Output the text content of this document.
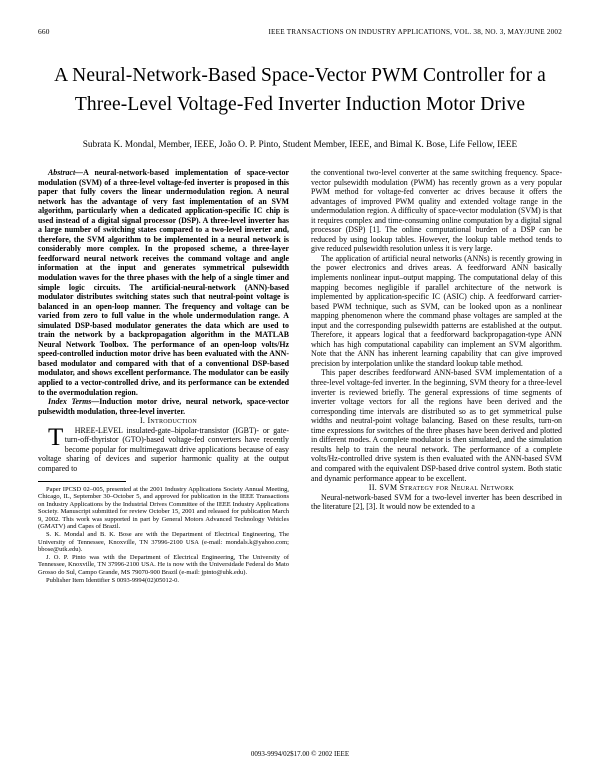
660	IEEE TRANSACTIONS ON INDUSTRY APPLICATIONS, VOL. 38, NO. 3, MAY/JUNE 2002
A Neural-Network-Based Space-Vector PWM Controller for a Three-Level Voltage-Fed Inverter Induction Motor Drive
Subrata K. Mondal, Member, IEEE, João O. P. Pinto, Student Member, IEEE, and Bimal K. Bose, Life Fellow, IEEE

Abstract—A neural-network-based implementation of space-vector modulation (SVM) of a three-level voltage-fed inverter is proposed in this paper that fully covers the linear undermodulation region. A neural network has the advantage of very fast implementation of an SVM algorithm, particularly when a dedicated application-specific IC chip is used instead of a digital signal processor (DSP). A three-level inverter has a large number of switching states compared to a two-level inverter and, therefore, the SVM algorithm to be implemented in a neural network is considerably more complex. In the proposed scheme, a three-layer feedforward neural network receives the command voltage and angle information at the input and generates symmetrical pulsewidth modulation waves for the three phases with the help of a single timer and simple logic circuits. The artificial-neural-network (ANN)-based modulator distributes switching states such that neutral-point voltage is balanced in an open-loop manner. The frequency and voltage can be varied from zero to full value in the whole undermodulation range. A simulated DSP-based modulator generates the data which are used to train the network by a backpropagation algorithm in the MATLAB Neural Network Toolbox. The performance of an open-loop volts/Hz speed-controlled induction motor drive has been evaluated with the ANN-based modulator and compared with that of a conventional DSP-based modulator, and shows excellent performance. The modulator can be easily applied to a vector-controlled drive, and its performance can be extended to the overmodulation region.

Index Terms—Induction motor drive, neural network, space-vector pulsewidth modulation, three-level inverter.

I. Introduction

T HREE-LEVEL insulated-gate–bipolar-transistor (IGBT)- or gate-turn-off-thyristor (GTO)-based voltage-fed converters have recently become popular for multimegawatt drive applications because of easy voltage sharing of devices and superior harmonic quality at the output compared to

Paper IPCSD 02–005, presented at the 2001 Industry Applications Society Annual Meeting, Chicago, IL, September 30–October 5, and approved for publication in the IEEE Transactions on Industry Applications by the Industrial Drives Committee of the IEEE Industry Applications Society. Manuscript submitted for review October 15, 2001 and released for publication March 9, 2002. This work was supported in part by General Motors Advanced Technology Vehicles (GMATV) and Capes of Brazil.

S. K. Mondal and B. K. Bose are with the Department of Electrical Engineering, The University of Tennessee, Knoxville, TN 37996-2100 USA (e-mail: mondals.k@yahoo.com; bbose@utk.edu).

J. O. P. Pinto was with the Department of Electrical Engineering, The University of Tennessee, Knoxville, TN 37996-2100 USA. He is now with the Universidade Federal do Mato Grosso do Sul, Campo Grande, MS 79070-900 Brazil (e-mail: jpinto@uhk.edu).

Publisher Item Identifier S 0093-9994(02)05012-0.

the conventional two-level converter at the same switching frequency. Space-vector pulsewidth modulation (PWM) has recently grown as a very popular PWM method for voltage-fed converter ac drives because it offers the advantages of improved PWM quality and extended voltage range in the undermodulation region. A difficulty of space-vector modulation (SVM) is that it requires complex and time-consuming online computation by a digital signal processor (DSP) [1]. The online computational burden of a DSP can be reduced by using lookup tables. However, the lookup table method tends to give reduced pulsewidth resolution unless it is very large.

The application of artificial neural networks (ANNs) is recently growing in the power electronics and drives areas. A feedforward ANN basically implements nonlinear input–output mapping. The computational delay of this mapping becomes negligible if parallel architecture of the network is implemented by application-specific IC (ASIC) chip. A feedforward carrier-based PWM technique, such as SVM, can be looked upon as a nonlinear mapping phenomenon where the command phase voltages are sampled at the input and the corresponding pulsewidth patterns are established at the output. Therefore, it appears logical that a feedforward backpropagation-type ANN which has high computational capability can implement an SVM algorithm. Note that the ANN has inherent learning capability that can give improved precision by interpolation unlike the standard lookup table method.

This paper describes feedforward ANN-based SVM implementation of a three-level voltage-fed inverter. In the beginning, SVM theory for a three-level inverter is reviewed briefly. The general expressions of time segments of inverter voltage vectors for all the regions have been derived and the corresponding time intervals are distributed so as to get symmetrical pulse widths and neutral-point voltage balancing. Based on these results, turn-on time expressions for switches of the three phases have been derived and plotted in different modes. A complete modulator is then simulated, and the simulation results help to train the neural network. The performance of a complete volts/Hz-controlled drive system is then evaluated with the ANN-based SVM and compared with the equivalent DSP-based drive control system. Both static and dynamic performance appear to be excellent.

II. SVM Strategy for Neural Network

Neural-network-based SVM for a two-level inverter has been described in the literature [2], [3]. It would now be extended to a

0093-9994/02$17.00 © 2002 IEEE
